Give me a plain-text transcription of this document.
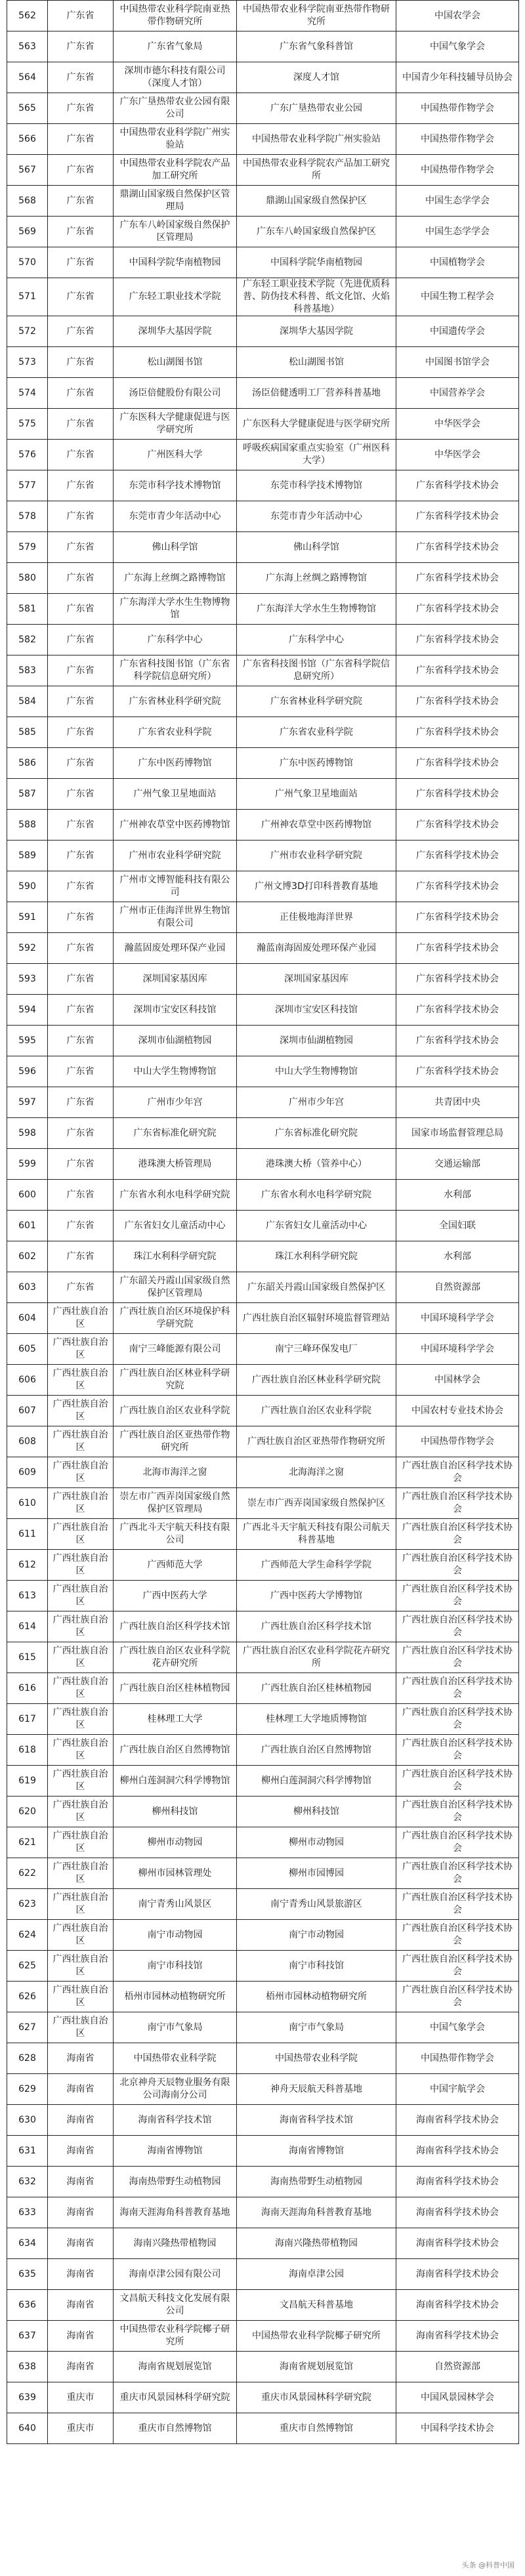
562	广东省	中国热带农业科学院南亚热带作物研究所	中国热带农业科学院南亚热带作物研究所	中国农学会
563	广东省	广东省气象局	广东省气象科普馆	中国气象学会
564	广东省	深圳市德尔科技有限公司（深度人才馆）	深度人才馆	中国青少年科技辅导员协会
565	广东省	广东广垦热带农业公园有限公司	广东广垦热带农业公园	中国热带作物学会
566	广东省	中国热带农业科学院广州实验站	中国热带农业科学院广州实验站	中国热带作物学会
567	广东省	中国热带农业科学院农产品加工研究所	中国热带农业科学院农产品加工研究所	中国热带作物学会
568	广东省	鼎湖山国家级自然保护区管理局	鼎湖山国家级自然保护区	中国生态学学会
569	广东省	广东车八岭国家级自然保护区管理局	广东车八岭国家级自然保护区	中国生态学学会
570	广东省	中国科学院华南植物园	中国科学院华南植物园	中国植物学会
571	广东省	广东轻工职业技术学院	广东轻工职业技术学院（先进优质科普、防伪技术科普、纸文化馆、火焰科普基地）	中国生物工程学会
572	广东省	深圳华大基因学院	深圳华大基因学院	中国遗传学会
573	广东省	松山湖图书馆	松山湖图书馆	中国图书馆学会
574	广东省	汤臣倍健股份有限公司	汤臣倍健透明工厂营养科普基地	中国营养学会
575	广东省	广东医科大学健康促进与医学研究所	广东医科大学健康促进与医学研究所	中华医学会
576	广东省	广州医科大学	呼吸疾病国家重点实验室（广州医科大学）	中华医学会
577	广东省	东莞市科学技术博物馆	东莞市科学技术博物馆	广东省科学技术协会
578	广东省	东莞市青少年活动中心	东莞市青少年活动中心	广东省科学技术协会
579	广东省	佛山科学馆	佛山科学馆	广东省科学技术协会
580	广东省	广东海上丝绸之路博物馆	广东海上丝绸之路博物馆	广东省科学技术协会
581	广东省	广东海洋大学水生生物博物馆	广东海洋大学水生生物博物馆	广东省科学技术协会
582	广东省	广东科学中心	广东科学中心	广东省科学技术协会
583	广东省	广东省科技图书馆（广东省科学院信息研究所）	广东省科技图书馆（广东省科学院信息研究所）	广东省科学技术协会
584	广东省	广东省林业科学研究院	广东省林业科学研究院	广东省科学技术协会
585	广东省	广东省农业科学院	广东省农业科学院	广东省科学技术协会
586	广东省	广东中医药博物馆	广东中医药博物馆	广东省科学技术协会
587	广东省	广州气象卫星地面站	广州气象卫星地面站	广东省科学技术协会
588	广东省	广州神农草堂中医药博物馆	广州神农草堂中医药博物馆	广东省科学技术协会
589	广东省	广州市农业科学研究院	广州市农业科学研究院	广东省科学技术协会
590	广东省	广州市文博智能科技有限公司	广州文博3D打印科普教育基地	广东省科学技术协会
591	广东省	广州市正佳海洋世界生物馆有限公司	正佳极地海洋世界	广东省科学技术协会
592	广东省	瀚蓝固废处理环保产业园	瀚蓝南海固废处理环保产业园	广东省科学技术协会
593	广东省	深圳国家基因库	深圳国家基因库	广东省科学技术协会
594	广东省	深圳市宝安区科技馆	深圳市宝安区科技馆	广东省科学技术协会
595	广东省	深圳市仙湖植物园	深圳市仙湖植物园	广东省科学技术协会
596	广东省	中山大学生物博物馆	中山大学生物博物馆	广东省科学技术协会
597	广东省	广州市少年宫	广州市少年宫	共青团中央
598	广东省	广东省标准化研究院	广东省标准化研究院	国家市场监督管理总局
599	广东省	港珠澳大桥管理局	港珠澳大桥（管养中心）	交通运输部
600	广东省	广东省水利水电科学研究院	广东省水利水电科学研究院	水利部
601	广东省	广东省妇女儿童活动中心	广东省妇女儿童活动中心	全国妇联
602	广东省	珠江水利科学研究院	珠江水利科学研究院	水利部
603	广东省	广东韶关丹霞山国家级自然保护区管理局	广东韶关丹霞山国家级自然保护区	自然资源部
604	广西壮族自治区	广西壮族自治区环境保护科学研究院	广西壮族自治区辐射环境监督管理站	中国环境科学学会
605	广西壮族自治区	南宁三峰能源有限公司	南宁三峰环保发电厂	中国环境科学学会
606	广西壮族自治区	广西壮族自治区林业科学研究院	广西壮族自治区林业科学研究院	中国林学会
607	广西壮族自治区	广西壮族自治区农业科学院	广西壮族自治区农业科学院	中国农村专业技术协会
608	广西壮族自治区	广西壮族自治区亚热带作物研究所	广西壮族自治区亚热带作物研究所	中国热带作物学会
609	广西壮族自治区	北海市海洋之窗	北海海洋之窗	广西壮族自治区科学技术协会
610	广西壮族自治区	崇左市广西弄岗国家级自然保护区管理局	崇左市广西弄岗国家级自然保护区	广西壮族自治区科学技术协会
611	广西壮族自治区	广西北斗天宇航天科技有限公司	广西北斗天宇航天科技有限公司航天科普基地	广西壮族自治区科学技术协会
612	广西壮族自治区	广西师范大学	广西师范大学生命科学学院	广西壮族自治区科学技术协会
613	广西壮族自治区	广西中医药大学	广西中医药大学博物馆	广西壮族自治区科学技术协会
614	广西壮族自治区	广西壮族自治区科学技术馆	广西壮族自治区科学技术馆	广西壮族自治区科学技术协会
615	广西壮族自治区	广西壮族自治区农业科学院花卉研究所	广西壮族自治区农业科学院花卉研究所	广西壮族自治区科学技术协会
616	广西壮族自治区	广西壮族自治区桂林植物园	广西壮族自治区桂林植物园	广西壮族自治区科学技术协会
617	广西壮族自治区	桂林理工大学	桂林理工大学地质博物馆	广西壮族自治区科学技术协会
618	广西壮族自治区	广西壮族自治区自然博物馆	广西壮族自治区自然博物馆	广西壮族自治区科学技术协会
619	广西壮族自治区	柳州白莲洞洞穴科学博物馆	柳州白莲洞洞穴科学博物馆	广西壮族自治区科学技术协会
620	广西壮族自治区	柳州科技馆	柳州科技馆	广西壮族自治区科学技术协会
621	广西壮族自治区	柳州市动物园	柳州市动物园	广西壮族自治区科学技术协会
622	广西壮族自治区	柳州市园林管理处	柳州市园博园	广西壮族自治区科学技术协会
623	广西壮族自治区	南宁青秀山风景区	南宁青秀山风景旅游区	广西壮族自治区科学技术协会
624	广西壮族自治区	南宁市动物园	南宁市动物园	广西壮族自治区科学技术协会
625	广西壮族自治区	南宁市科技馆	南宁市科技馆	广西壮族自治区科学技术协会
626	广西壮族自治区	梧州市园林动植物研究所	梧州市园林动植物研究所	广西壮族自治区科学技术协会
627	广西壮族自治区	南宁市气象局	南宁市气象局	中国气象学会
628	海南省	中国热带农业科学院	中国热带农业科学院	中国热带作物学会
629	海南省	北京神舟天辰物业服务有限公司海南分公司	神舟天辰航天科普基地	中国宇航学会
630	海南省	海南省科学技术馆	海南省科学技术馆	海南省科学技术协会
631	海南省	海南省博物馆	海南省博物馆	海南省科学技术协会
632	海南省	海南热带野生动植物园	海南热带野生动植物园	海南省科学技术协会
633	海南省	海南天涯海角科普教育基地	海南天涯海角科普教育基地	海南省科学技术协会
634	海南省	海南兴隆热带植物园	海南兴隆热带植物园	海南省科学技术协会
635	海南省	海南卓津公园有限公司	海南卓津公园	海南省科学技术协会
636	海南省	文昌航天科技文化发展有限公司	文昌航天科普基地	海南省科学技术协会
637	海南省	中国热带农业科学院椰子研究所	中国热带农业科学院椰子研究所	海南省科学技术协会
638	海南省	海南省规划展览馆	海南省规划展览馆	自然资源部
639	重庆市	重庆市风景园林科学研究院	重庆市风景园林科学研究院	中国风景园林学会
640	重庆市	重庆市自然博物馆	重庆市自然博物馆	中国科学技术协会
头条 @科普中国
